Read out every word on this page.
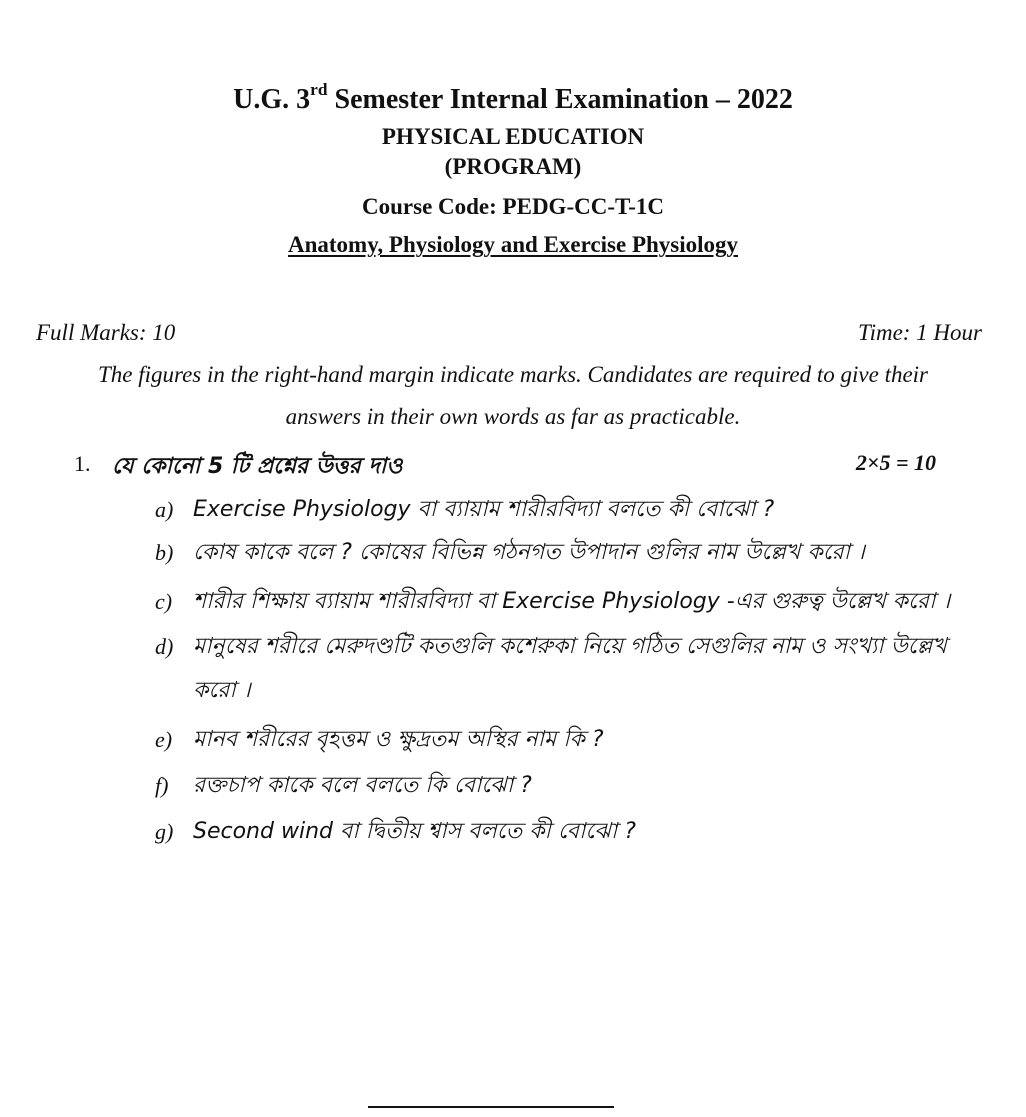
U.G. 3rd Semester Internal Examination – 2022
PHYSICAL EDUCATION
(PROGRAM)
Course Code: PEDG-CC-T-1C
Anatomy, Physiology and Exercise Physiology
Full Marks: 10	Time: 1 Hour
The figures in the right-hand margin indicate marks. Candidates are required to give their
answers in their own words as far as practicable.
1. যে কোনো 5 টি প্রশ্নের উত্তর দাও	2×5 = 10
a) Exercise Physiology বা ব্যায়াম শারীরবিদ্যা বলতে কী বোঝো ?
b) কোষ কাকে বলে ? কোষের বিভিন্ন গঠনগত উপাদান গুলির নাম উল্লেখ করো ।
c) শারীর শিক্ষায় ব্যায়াম শারীরবিদ্যা বা Exercise Physiology -এর গুরুত্ব উল্লেখ করো ।
d) মানুষের শরীরে মেরুদণ্ডটি কতগুলি কশেরুকা নিয়ে গঠিত সেগুলির নাম ও সংখ্যা উল্লেখ করো ।
e) মানব শরীরের বৃহত্তম ও ক্ষুদ্রতম অস্থির নাম কি ?
f)	রক্তচাপ কাকে বলে বলতে কি বোঝো ?
g) Second wind বা দ্বিতীয় শ্বাস বলতে কী বোঝো ?
